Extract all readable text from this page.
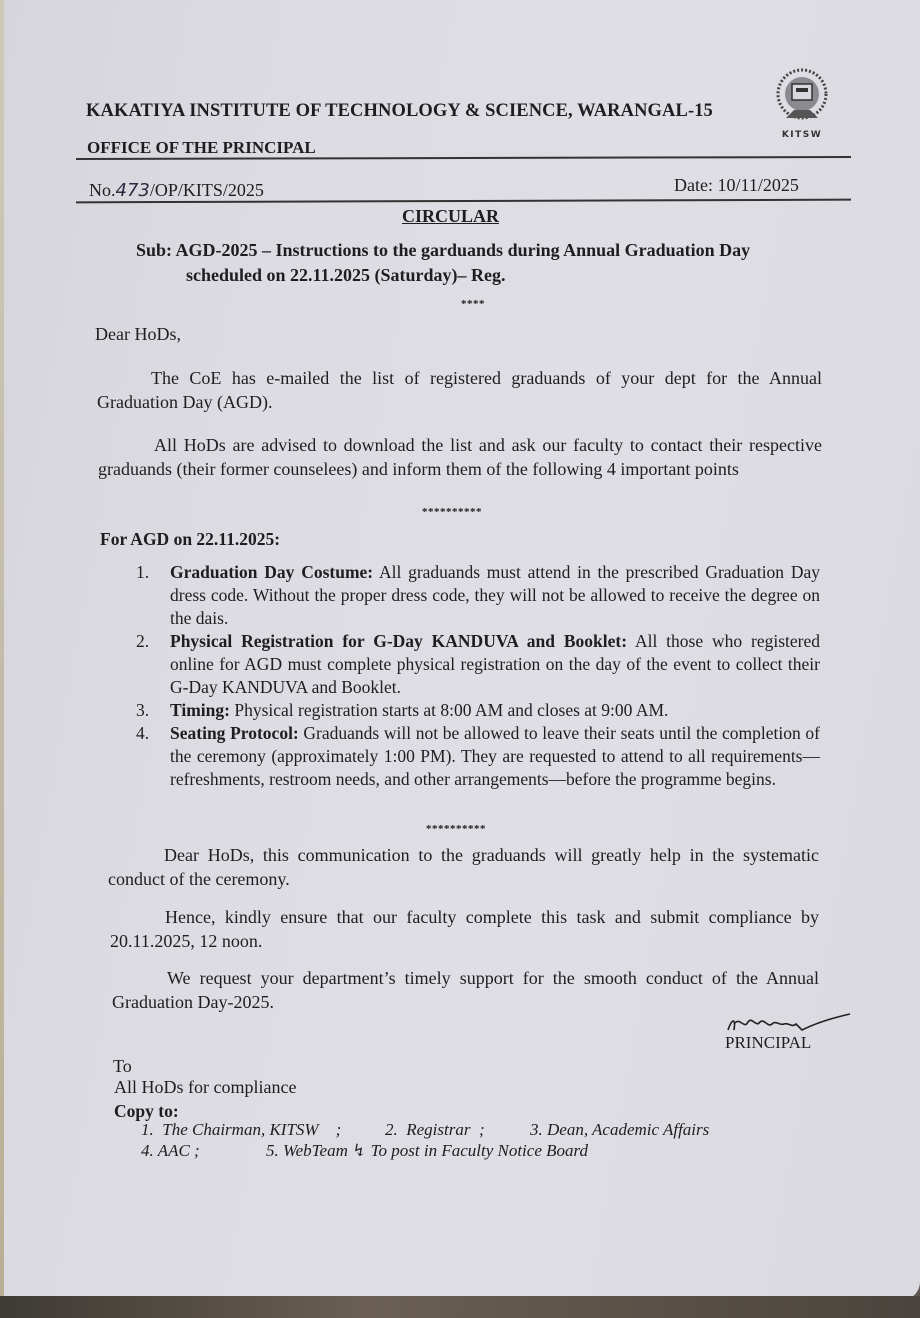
KAKATIYA INSTITUTE OF TECHNOLOGY & SCIENCE, WARANGAL-15
OFFICE OF THE PRINCIPAL
KITSW
No.473/OP/KITS/2025	Date: 10/11/2025
CIRCULAR
Sub: AGD-2025 – Instructions to the garduands during Annual Graduation Day
scheduled on 22.11.2025 (Saturday)– Reg.
****
Dear HoDs,
The CoE has e-mailed the list of registered graduands of your dept for the Annual Graduation Day (AGD).
All HoDs are advised to download the list and ask our faculty to contact their respective graduands (their former counselees) and inform them of the following 4 important points
**********
For AGD on 22.11.2025:
1. Graduation Day Costume: All graduands must attend in the prescribed Graduation Day dress code. Without the proper dress code, they will not be allowed to receive the degree on the dais.
2. Physical Registration for G-Day KANDUVA and Booklet: All those who registered online for AGD must complete physical registration on the day of the event to collect their G-Day KANDUVA and Booklet.
3. Timing: Physical registration starts at 8:00 AM and closes at 9:00 AM.
4. Seating Protocol: Graduands will not be allowed to leave their seats until the completion of the ceremony (approximately 1:00 PM). They are requested to attend to all requirements—refreshments, restroom needs, and other arrangements—before the programme begins.
**********
Dear HoDs, this communication to the graduands will greatly help in the systematic conduct of the ceremony.
Hence, kindly ensure that our faculty complete this task and submit compliance by 20.11.2025, 12 noon.
We request your department’s timely support for the smooth conduct of the Annual Graduation Day-2025.
PRINCIPAL
To
All HoDs for compliance
Copy to:
1.  The Chairman, KITSW    ;	2.  Registrar  ;	3. Dean, Academic Affairs
4. AAC ;	5. WebTeam ↯ To post in Faculty Notice Board
